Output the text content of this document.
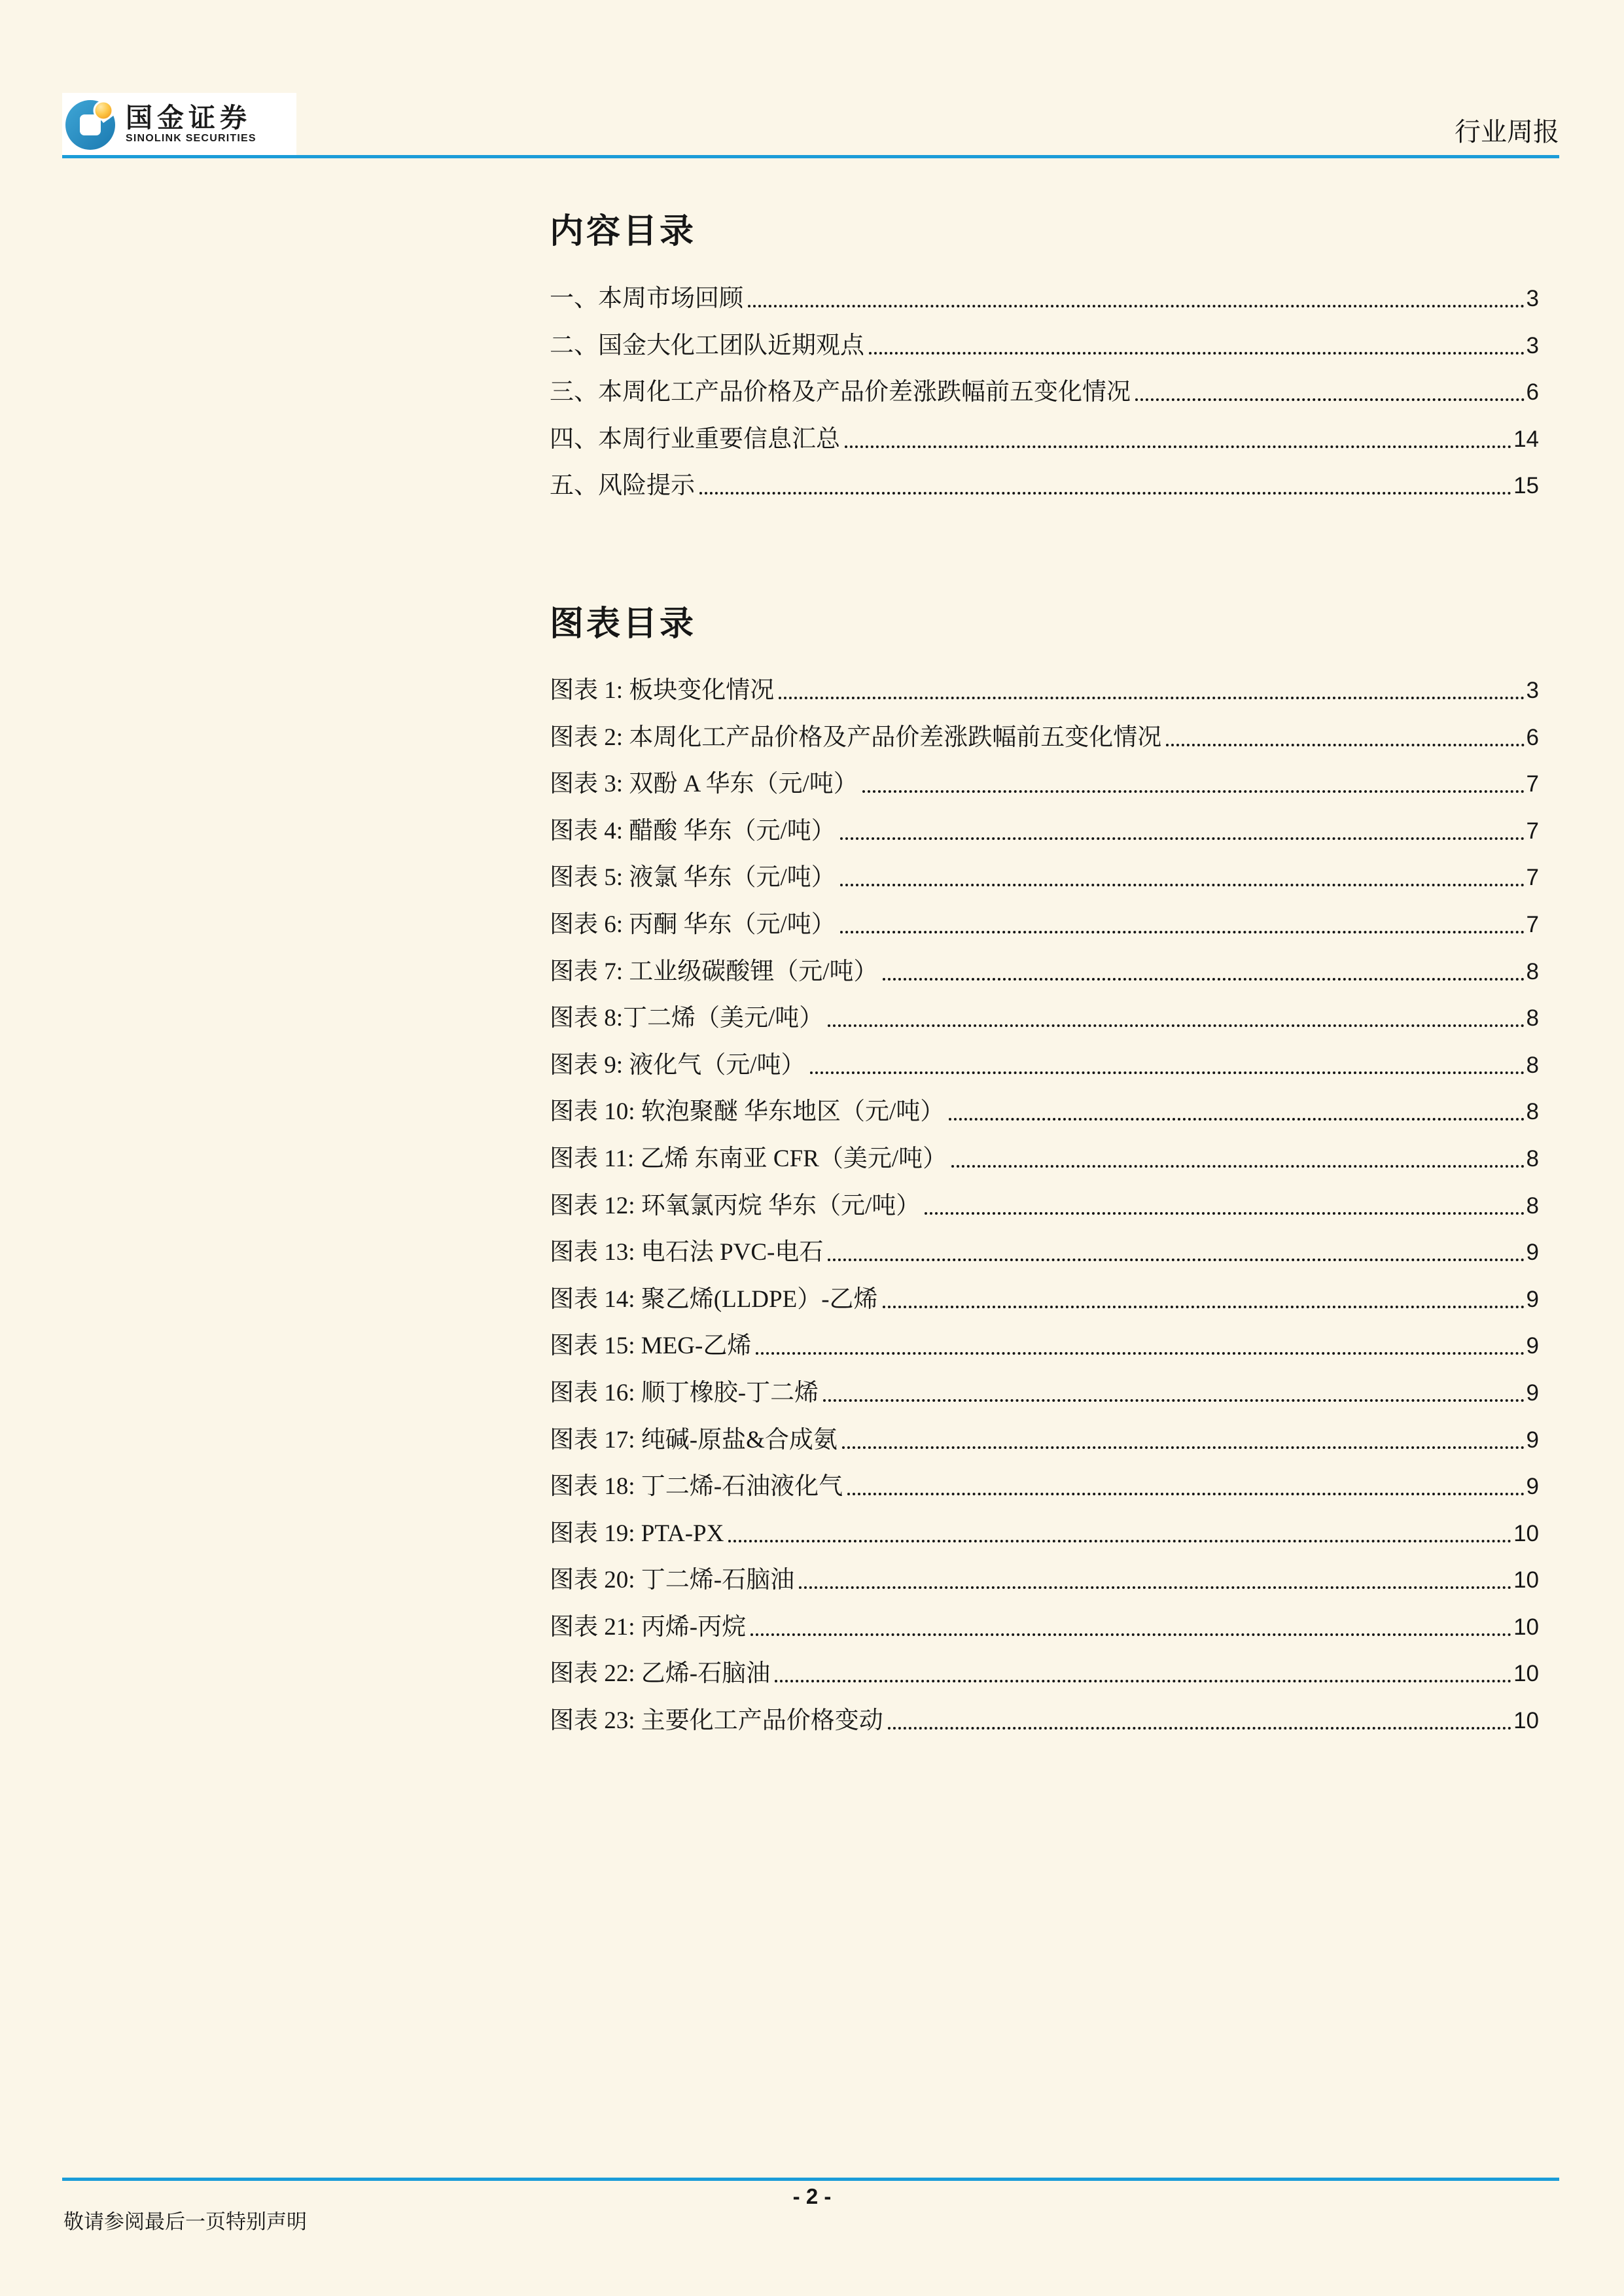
国金证券
SINOLINK SECURITIES	行业周报
内容目录
一、本周市场回顾	3
二、国金大化工团队近期观点	3
三、本周化工产品价格及产品价差涨跌幅前五变化情况	6
四、本周行业重要信息汇总	14
五、风险提示	15
图表目录
图表 1: 板块变化情况	3
图表 2: 本周化工产品价格及产品价差涨跌幅前五变化情况	6
图表 3: 双酚 A 华东（元/吨）	7
图表 4: 醋酸 华东（元/吨）	7
图表 5: 液氯 华东（元/吨）	7
图表 6: 丙酮 华东（元/吨）	7
图表 7: 工业级碳酸锂（元/吨）	8
图表 8:丁二烯（美元/吨）	8
图表 9: 液化气（元/吨）	8
图表 10: 软泡聚醚 华东地区（元/吨）	8
图表 11: 乙烯 东南亚 CFR（美元/吨）	8
图表 12: 环氧氯丙烷 华东（元/吨）	8
图表 13: 电石法 PVC-电石	9
图表 14: 聚乙烯(LLDPE）-乙烯	9
图表 15: MEG-乙烯	9
图表 16: 顺丁橡胶-丁二烯	9
图表 17: 纯碱-原盐&合成氨	9
图表 18: 丁二烯-石油液化气	9
图表 19: PTA-PX	10
图表 20: 丁二烯-石脑油	10
图表 21: 丙烯-丙烷	10
图表 22: 乙烯-石脑油	10
图表 23: 主要化工产品价格变动	10
- 2 -
敬请参阅最后一页特别声明
